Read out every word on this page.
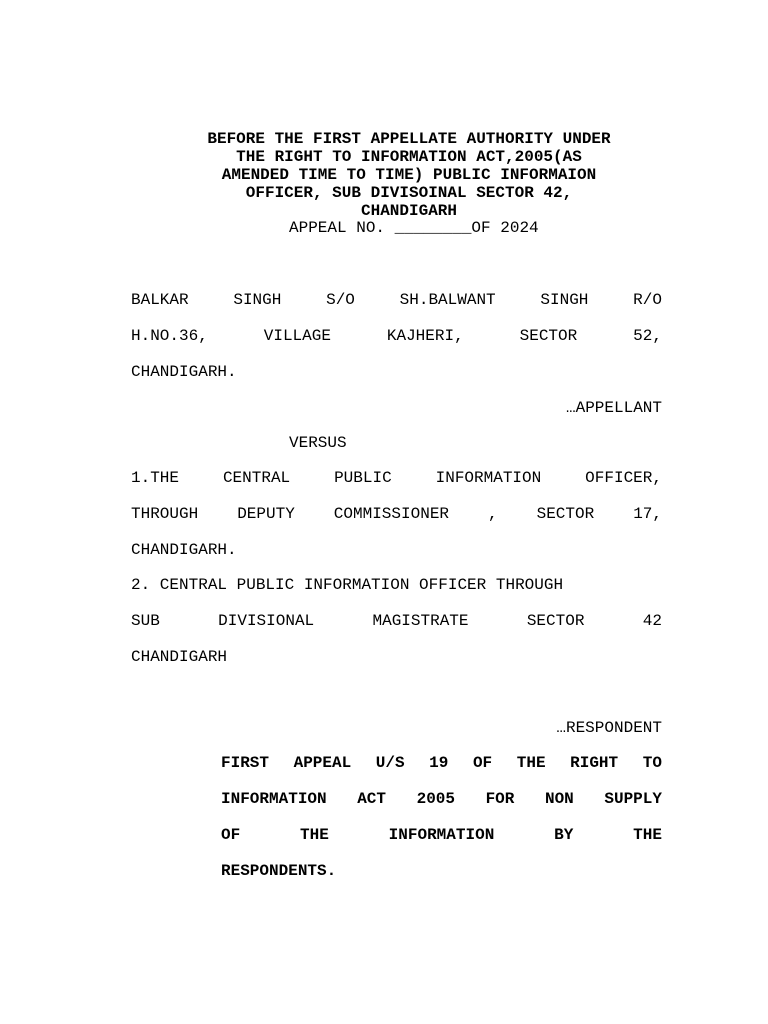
BEFORE THE FIRST APPELLATE AUTHORITY UNDER
THE RIGHT TO INFORMATION ACT,2005(AS
AMENDED TIME TO TIME) PUBLIC INFORMAION
OFFICER, SUB DIVISOINAL SECTOR 42,
CHANDIGARH
APPEAL NO. ________OF 2024
BALKAR	SINGH	S/O	SH.BALWANT	SINGH	R/O
H.NO.36,	VILLAGE	KAJHERI,	SECTOR	52,
CHANDIGARH.
…APPELLANT
VERSUS
1.THE	CENTRAL	PUBLIC	INFORMATION	OFFICER,
THROUGH DEPUTY COMMISSIONER , SECTOR 17,
CHANDIGARH.
2. CENTRAL PUBLIC INFORMATION OFFICER THROUGH
SUB	DIVISIONAL	MAGISTRATE	SECTOR	42
CHANDIGARH
…RESPONDENT
FIRST APPEAL U/S 19 OF THE RIGHT TO
INFORMATION ACT 2005 FOR NON SUPPLY
OF	THE	INFORMATION	BY	THE
RESPONDENTS.
